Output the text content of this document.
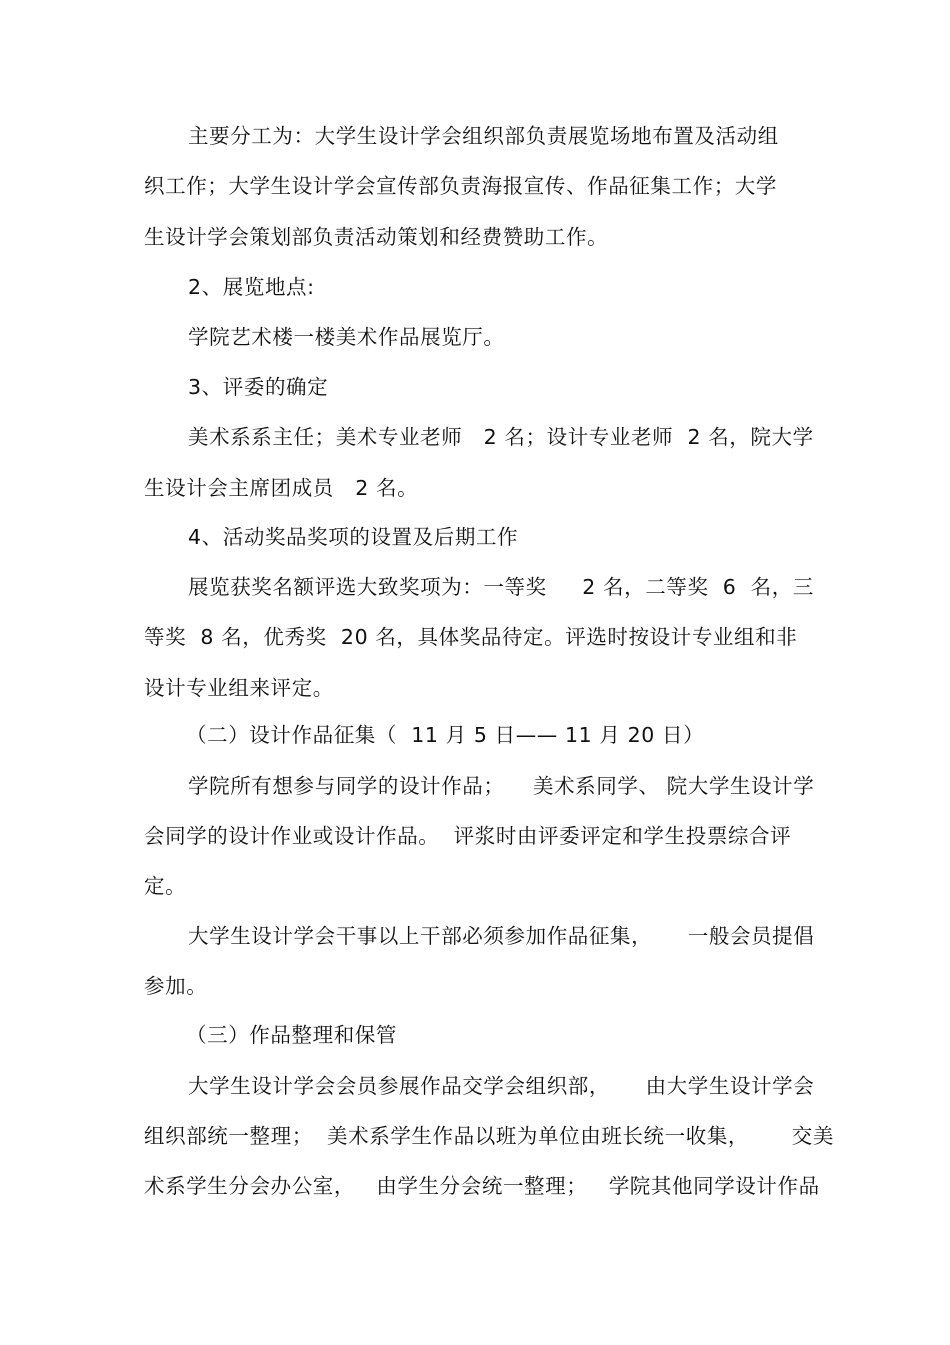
主要分工为：大学生设计学会组织部负责展览场地布置及活动组
织工作；大学生设计学会宣传部负责海报宣传、作品征集工作；大学
生设计学会策划部负责活动策划和经费赞助工作。
2、展览地点:
学院艺术楼一楼美术作品展览厅。
3、评委的确定
美术系系主任；美术专业老师   2 名；设计专业老师  2 名，院大学
生设计会主席团成员   2 名。
4、活动奖品奖项的设置及后期工作
展览获奖名额评选大致奖项为：一等奖     2 名，二等奖  6  名，三
等奖  8 名，优秀奖  20 名，具体奖品待定。评选时按设计专业组和非
设计专业组来评定。
（二）设计作品征集（  11 月 5 日—— 11 月 20 日）
学院所有想参与同学的设计作品；    美术系同学、 院大学生设计学
会同学的设计作业或设计作品。  评浆时由评委评定和学生投票综合评
定。
大学生设计学会干事以上干部必须参加作品征集，     一般会员提倡
参加。
（三）作品整理和保管
大学生设计学会会员参展作品交学会组织部，     由大学生设计学会
组织部统一整理；  美术系学生作品以班为单位由班长统一收集，      交美
术系学生分会办公室，   由学生分会统一整理；   学院其他同学设计作品
